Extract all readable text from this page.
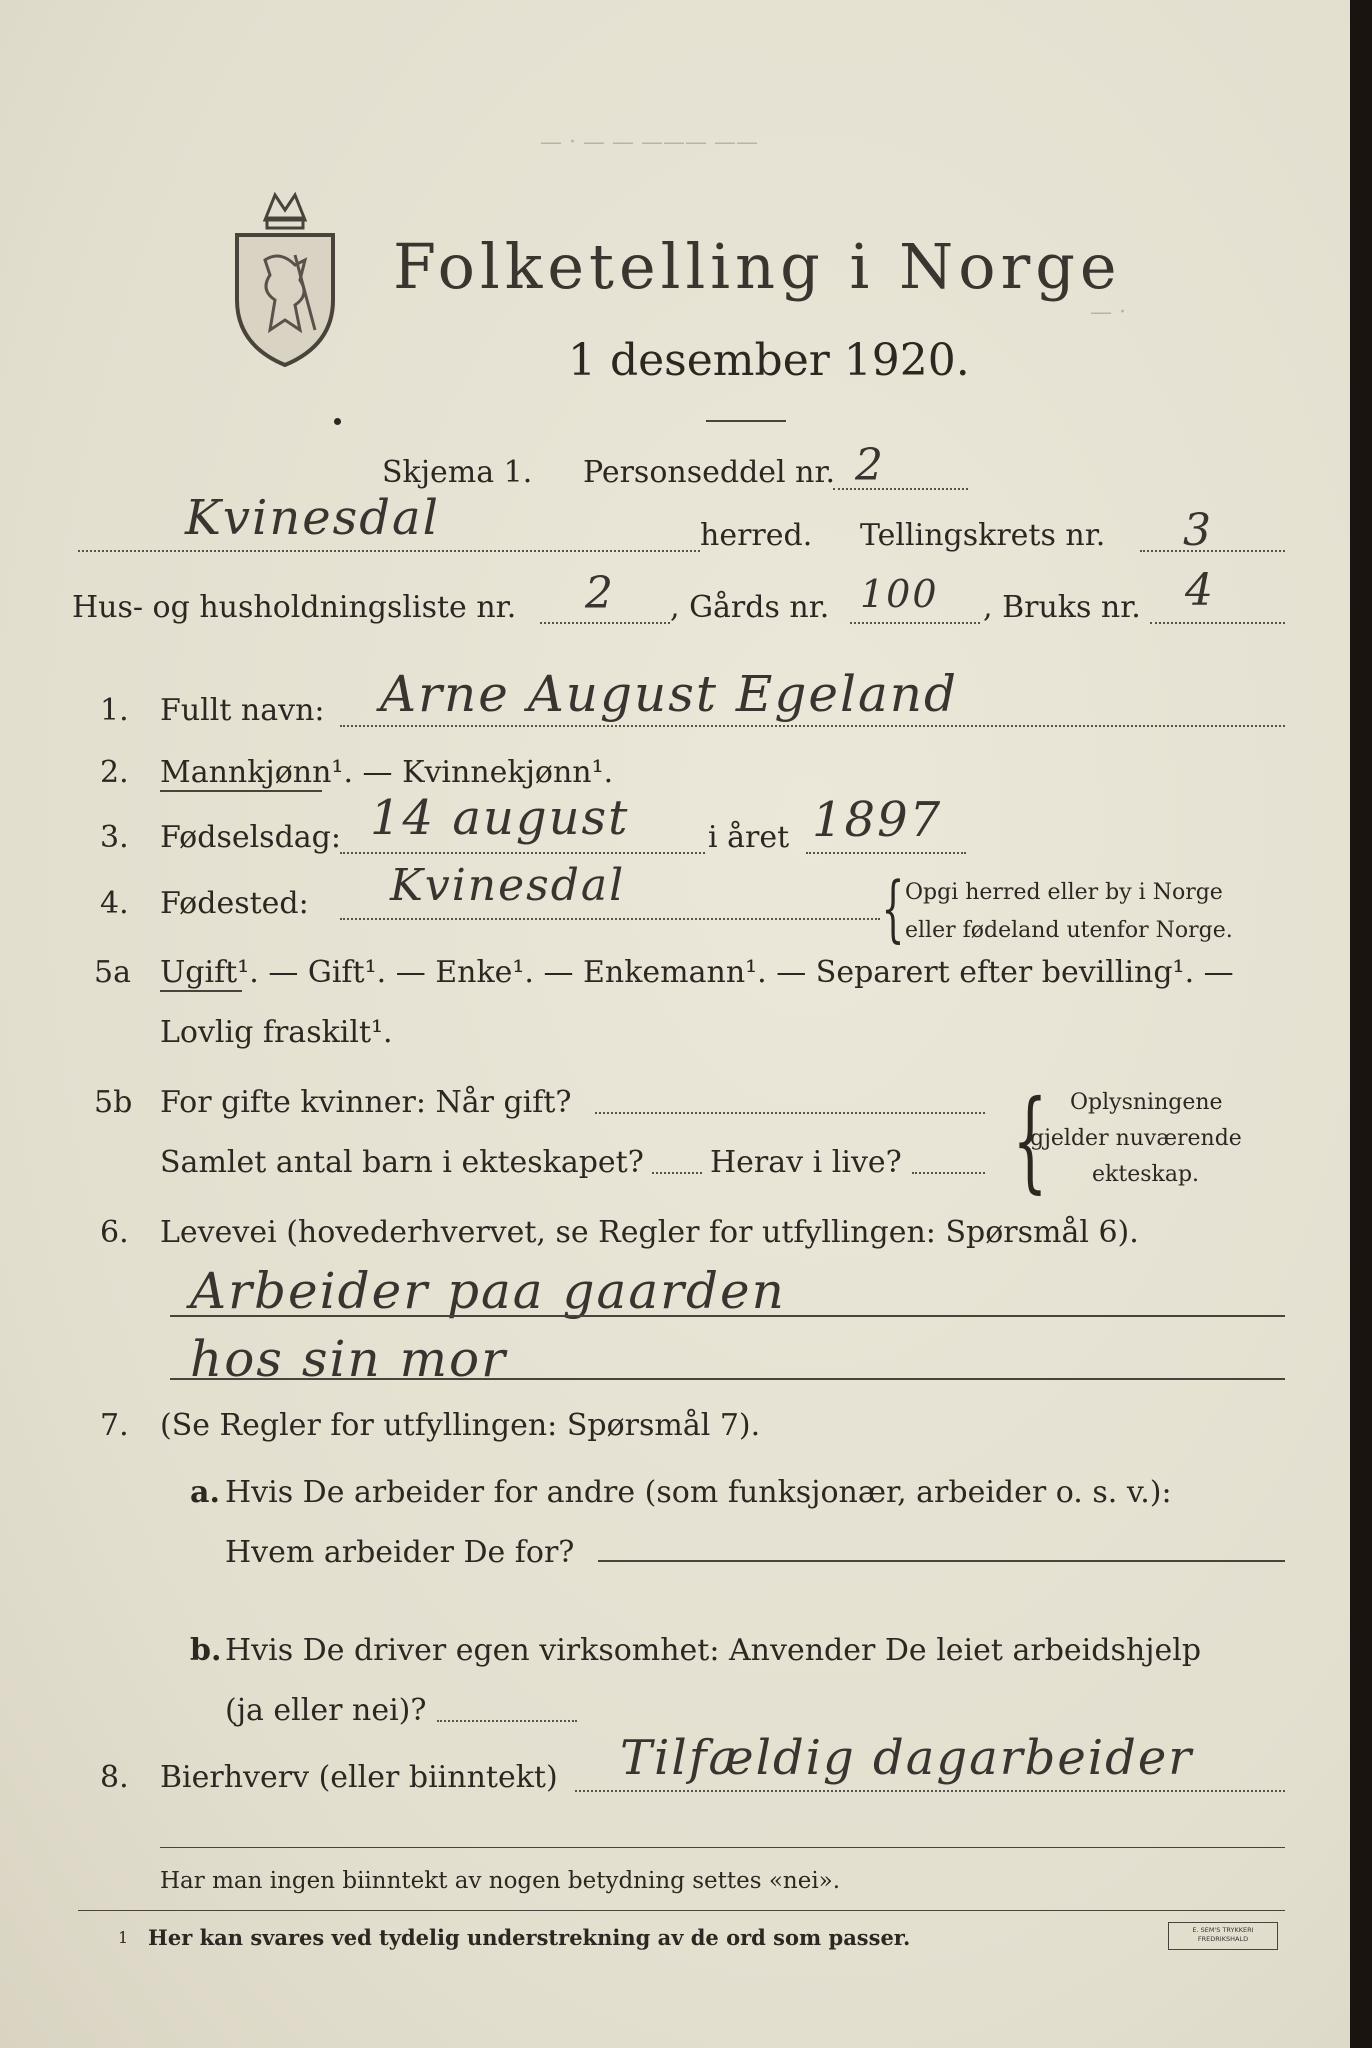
— · — — ——— ——
— ·
Folketelling i Norge
1 desember 1920.
Skjema 1. Personseddel nr. 2
Kvinesdal	herred. Tellingskrets nr. 3
Hus- og husholdningsliste nr. 2 , Gårds nr. 100 , Bruks nr. 4
1. Fullt navn: Arne August Egeland
2. Mannkjønn¹. — Kvinnekjønn¹.
3. Fødselsdag: 14 august	i året 1897
4. Fødested: Kvinesdal	{ Opgi herred eller by i Norge
eller fødeland utenfor Norge.
5a Ugift¹. — Gift¹. — Enke¹. — Enkemann¹. — Separert efter bevilling¹. —
Lovlig fraskilt¹.
5b For gifte kvinner: Når gift?
Samlet antal barn i ekteskapet? Herav i live? { Oplysningene
gjelder nuværende
ekteskap.
6. Levevei (hovederhvervet, se Regler for utfyllingen: Spørsmål 6).
Arbeider paa gaarden
hos sin mor
7. (Se Regler for utfyllingen: Spørsmål 7).
a. Hvis De arbeider for andre (som funksjonær, arbeider o. s. v.):
Hvem arbeider De for?
b. Hvis De driver egen virksomhet: Anvender De leiet arbeidshjelp
(ja eller nei)?
8. Bierhverv (eller biinntekt) Tilfældig dagarbeider
Har man ingen biinntekt av nogen betydning settes «nei».
1 Her kan svares ved tydelig understrekning av de ord som passer.	E. SEM'S TRYKKERI FREDRIKSHALD
